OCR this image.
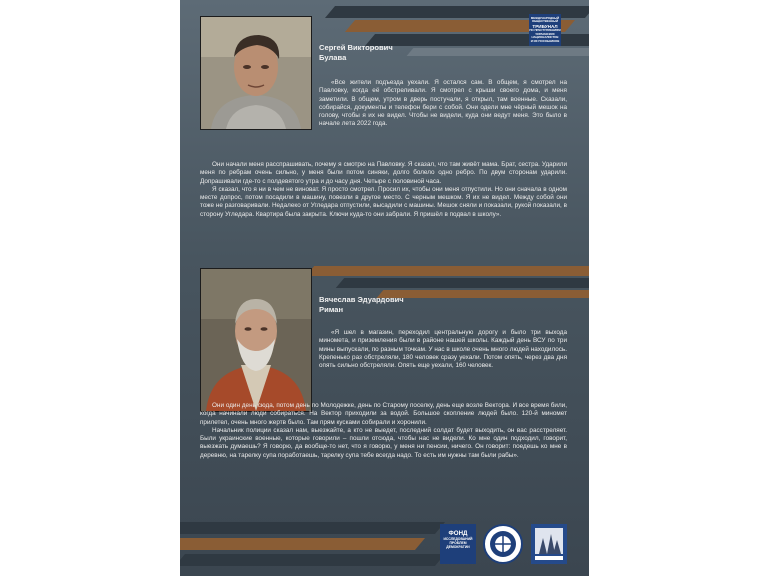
МЕЖДУНАРОДНЫЙ
ОБЩЕСТВЕННЫЙ
ТРИБУНАЛ
ПО ПРЕСТУПЛЕНИЯМ
УКРАИНСКИХ
НАЦИОНАЛИСТОВ
И ИХ ПОСОБНИКОВ
Сергей Викторович
Булава

«Все жители подъезда уехали. Я остался сам. В общем, я смотрел на Павловку, когда её обстреливали. Я смотрел с крыши своего дома, и меня заметили. В общем, утром в дверь постучали, я открыл, там военные. Сказали, собирайся, документы и телефон бери с собой. Они одели мне чёрный мешок на голову, чтобы я их не видел. Чтобы не видели, куда они ведут меня. Это было в начале лета 2022 года.

Они начали меня расспрашивать, почему я смотрю на Павловку. Я сказал, что там живёт мама. Брат, сестра. Ударили меня по ребрам очень сильно, у меня были потом синяки, долго болело одно ребро. По двум сторонам ударили. Допрашивали где-то с полдевятого утра и до часу дня. Четыре с половиной часа.

Я сказал, что я ни в чем не виноват. Я просто смотрел. Просил их, чтобы они меня отпустили. Но они сначала в одном месте допрос, потом посадили в машину, повезли в другое место. С черным мешком. Я их не видел. Между собой они тоже не разговаривали. Недалеко от Угледара отпустили, высадили с машины. Мешок сняли и показали, рукой показали, в сторону Угледара. Квартира была закрыта. Ключи куда-то они забрали. Я пришёл в подвал в школу».

Вячеслав Эдуардович
Риман

«Я шел в магазин, переходил центральную дорогу и было три выхода минометa, и приземления были в районе нашей школы. Каждый день ВСУ по три мины выпускали, по разным точкам. У нас в школе очень много людей находилось. Крепенько раз обстреляли, 180 человек сразу уехали. Потом опять, через два дня опять сильно обстреляли. Опять еще уехали, 160 человек.

Они один день сюда, потом день по Молодежке, день по Старому поселку, день еще возле Вектора. И все время били, когда начинали люди собираться. На Вектор приходили за водой. Большое скопление людей было. 120-й миномет прилетел, очень много жертв было. Там прям кусками собирали и хоронили.

Начальник полиции сказал нам, выезжайте, а кто не выедет, последний солдат будет выходить, он вас расстреляет. Были украинские военные, которые говорили – пошли отсюда, чтобы нас не видели. Ко мне один подходил, говорит, выезжать думаешь? Я говорю, да вообще-то нет, что я говорю, у меня ни пенсии, ничего. Он говорит: поедешь ко мне в деревню, на тарелку супа поработаешь, тарелку супа тебе всегда надо. То есть им нужны там были рабы».

ФОНД
ИССЛЕДОВАНИЙ
ПРОБЛЕМ
ДЕМОКРАТИИ
